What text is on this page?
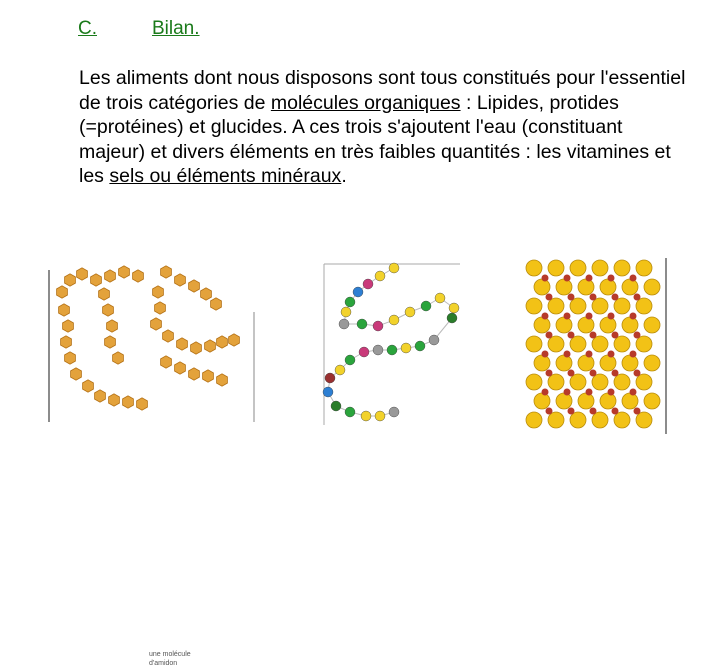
C.	Bilan.
Les aliments dont nous disposons sont tous constitués pour l'essentiel de trois catégories de molécules organiques : Lipides, protides (=protéines) et glucides. A ces trois s'ajoutent l'eau (constituant majeur) et divers éléments en très faibles quantités : les vitamines et les sels ou éléments minéraux.
une molécule
d'amidon
